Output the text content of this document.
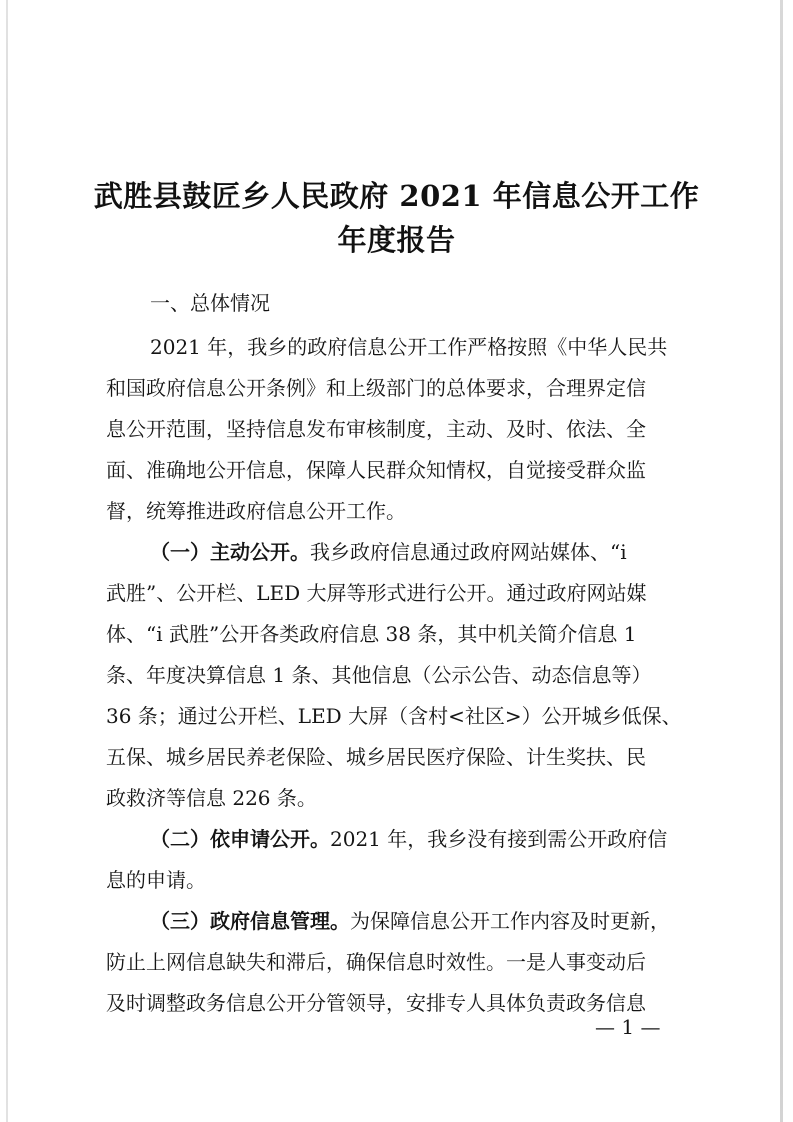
武胜县鼓匠乡人民政府 2021 年信息公开工作
年度报告
一、总体情况
2021 年，我乡的政府信息公开工作严格按照《中华人民共
和国政府信息公开条例》和上级部门的总体要求，合理界定信
息公开范围，坚持信息发布审核制度，主动、及时、依法、全
面、准确地公开信息，保障人民群众知情权，自觉接受群众监
督，统筹推进政府信息公开工作。
（一）主动公开。我乡政府信息通过政府网站媒体、“i
武胜”、公开栏、LED 大屏等形式进行公开。通过政府网站媒
体、“i 武胜”公开各类政府信息 38 条，其中机关简介信息 1
条、年度决算信息 1 条、其他信息（公示公告、动态信息等）
36 条；通过公开栏、LED 大屏（含村<社区>）公开城乡低保、
五保、城乡居民养老保险、城乡居民医疗保险、计生奖扶、民
政救济等信息 226 条。
（二）依申请公开。2021 年，我乡没有接到需公开政府信
息的申请。
（三）政府信息管理。为保障信息公开工作内容及时更新，
防止上网信息缺失和滞后，确保信息时效性。一是人事变动后
及时调整政务信息公开分管领导，安排专人具体负责政务信息
— 1 —
